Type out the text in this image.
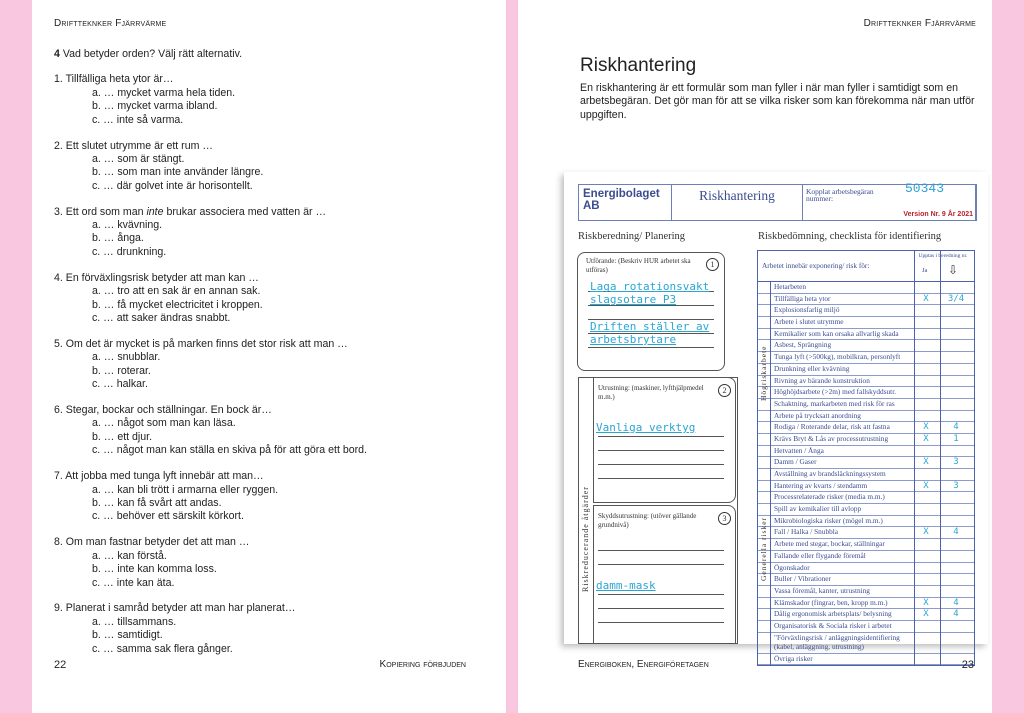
Driftteknker Fjärrvärme

4 Vad betyder orden? Välj rätt alternativ.

1. Tillfälliga heta ytor är…

a. … mycket varma hela tiden.

b. … mycket varma ibland.

c. … inte så varma.

2. Ett slutet utrymme är ett rum …

a. … som är stängt.

b. … som man inte använder längre.

c. … där golvet inte är horisontellt.

3. Ett ord som man inte brukar associera med vatten är …

a. … kvävning.

b. … ånga.

c. … drunkning.

4. En förväxlingsrisk betyder att man kan …

a. … tro att en sak är en annan sak.

b. … få mycket electricitet i kroppen.

c. … att saker ändras snabbt.

5. Om det är mycket is på marken finns det stor risk att man …

a. … snubblar.

b. … roterar.

c. … halkar.

6. Stegar, bockar och ställningar. En bock är…

a. … något som man kan läsa.

b. … ett djur.

c. … något man kan ställa en skiva på för att göra ett bord.

7. Att jobba med tunga lyft innebär att man…

a. … kan bli trött i armarna eller ryggen.

b. … kan få svårt att andas.

c. … behöver ett särskilt körkort.

8. Om man fastnar betyder det att man …

a. … kan förstå.

b. … inte kan komma loss.

c. … inte kan äta.

9. Planerat i samråd betyder att man har planerat…

a. … tillsammans.

b. … samtidigt.

c. … samma sak flera gånger.

22	Kopiering förbjuden
Driftteknker Fjärrvärme
Riskhantering
En riskhantering är ett formulär som man fyller i när man fyller i samtidigt som en arbetsbegäran. Det gör man för att se vilka risker som kan förekomma när man utför uppgiften.
Energibolaget AB
Riskhantering	Kopplat arbetsbegäran nummer:
50343
Version Nr. 9 År 2021
Riskberedning/ Planering	Riskbedömning, checklista för identifiering
Utförande: (Beskriv HUR arbetet ska utföras)
1
Laga rotationsvakt
slagsotare P3
Driften ställer av
arbetsbrytare
Riskreducerande åtgärder
Utrustning: (maskiner, lyfthjälpmedel m.m.)
2
Vanliga verktyg
Skyddsutrustning: (utöver gällande grundnivå)
3
damm-mask
Arbetet innebär exponering/ risk för:
Upptas i beredning nr.
Ja ⇩
Hetarbeten
Tillfälliga heta ytor	X	3/4
Explosionsfarlig miljö
Arbete i slutet utrymme
Kemikalier som kan orsaka allvarlig skada
Asbest, Sprängning
Tunga lyft (>500kg), mobilkran, personlyft
Drunkning eller kvävning
Rivning av bärande konstruktion
Höghöjdsarbete (>2m) med fallskyddsutr.
Schaktning, markarbeten med risk för ras
Arbete på trycksatt anordning
Rodiga / Roterande delar, risk att fastna	X	4
Krävs Bryt & Lås av processutrustning	X	1
Hetvatten / Ånga
Damm / Gaser	X	3
Avställning av brandsläckningssystem
Hantering av kvarts / stendamm	X	3
Processrelaterade risker (media m.m.)
Spill av kemikalier till avlopp
Mikrobiologiska risker (mögel m.m.)
Fall / Halka / Snubbla	X	4
Arbete med stegar, bockar, ställningar
Fallande eller flygande föremål
Ögonskador
Buller / Vibrationer
Vassa föremål, kanter, utrustning
Klämskador (fingrar, ben, kropp m.m.)	X	4
Dålig ergonomisk arbetsplats/ belysning	X	4
Organisatorisk & Sociala risker i arbetet
"Förväxlingsrisk / anläggningsidentifiering (kabel, anläggning, utrustning)
Övriga risker
Högriskarbete
Generella risker
Energiboken, Energiföretagen	23
